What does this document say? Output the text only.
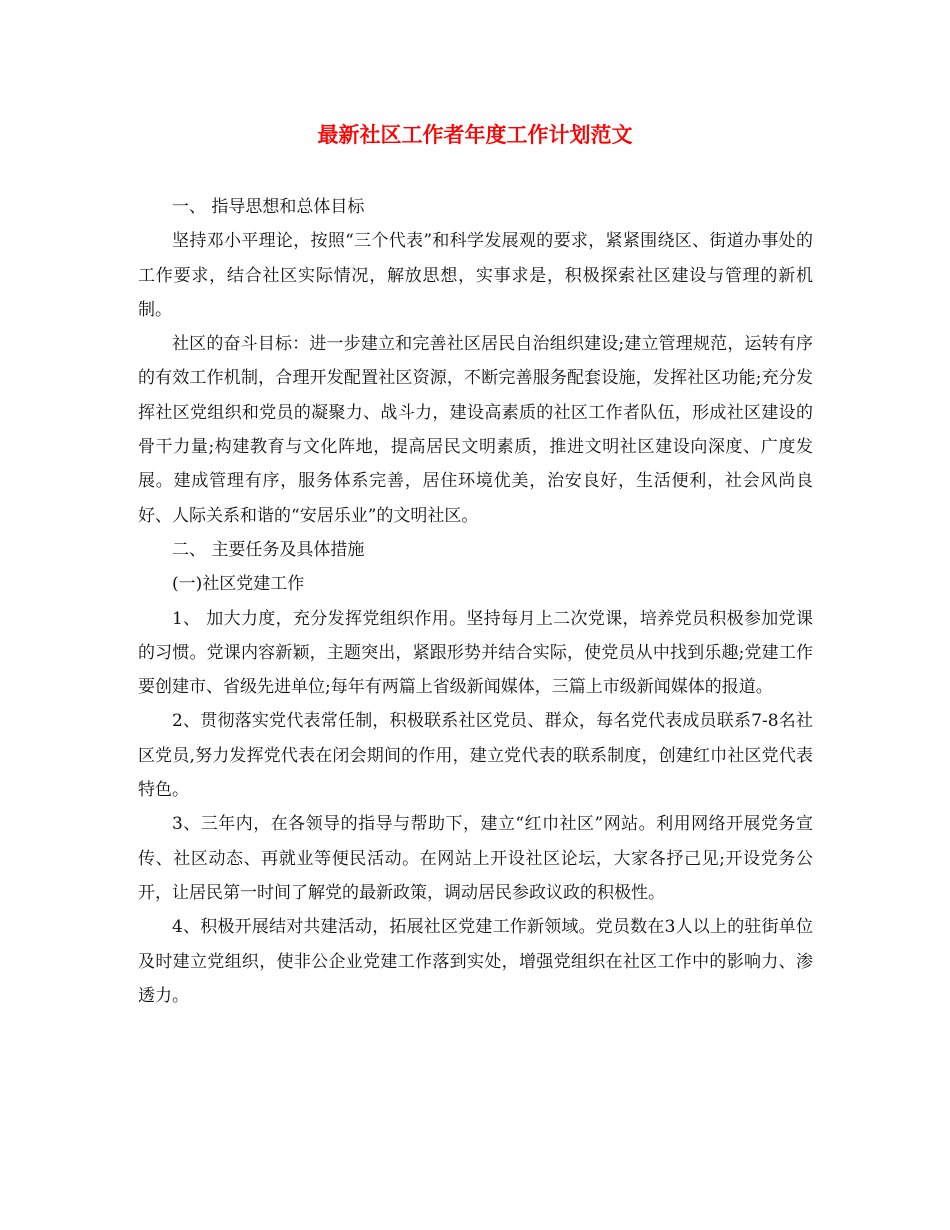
最新社区工作者年度工作计划范文

一、 指导思想和总体目标

坚持邓小平理论，按照“三个代表”和科学发展观的要求，紧紧围绕区、街道办事处的工作要求，结合社区实际情况，解放思想，实事求是，积极探索社区建设与管理的新机制。

社区的奋斗目标：进一步建立和完善社区居民自治组织建设;建立管理规范，运转有序的有效工作机制，合理开发配置社区资源，不断完善服务配套设施，发挥社区功能;充分发挥社区党组织和党员的凝聚力、战斗力，建设高素质的社区工作者队伍，形成社区建设的骨干力量;构建教育与文化阵地，提高居民文明素质，推进文明社区建设向深度、广度发展。建成管理有序，服务体系完善，居住环境优美，治安良好，生活便利，社会风尚良好、人际关系和谐的“安居乐业”的文明社区。

二、 主要任务及具体措施

(一)社区党建工作

1、 加大力度，充分发挥党组织作用。坚持每月上二次党课，培养党员积极参加党课的习惯。党课内容新颖，主题突出，紧跟形势并结合实际，使党员从中找到乐趣;党建工作要创建市、省级先进单位;每年有两篇上省级新闻媒体，三篇上市级新闻媒体的报道。

2、贯彻落实党代表常任制，积极联系社区党员、群众，每名党代表成员联系7-8名社区党员,努力发挥党代表在闭会期间的作用，建立党代表的联系制度，创建红巾社区党代表特色。

3、三年内，在各领导的指导与帮助下，建立“红巾社区”网站。利用网络开展党务宣传、社区动态、再就业等便民活动。在网站上开设社区论坛，大家各抒己见;开设党务公开，让居民第一时间了解党的最新政策，调动居民参政议政的积极性。

4、积极开展结对共建活动，拓展社区党建工作新领域。党员数在3人以上的驻街单位及时建立党组织，使非公企业党建工作落到实处，增强党组织在社区工作中的影响力、渗透力。
